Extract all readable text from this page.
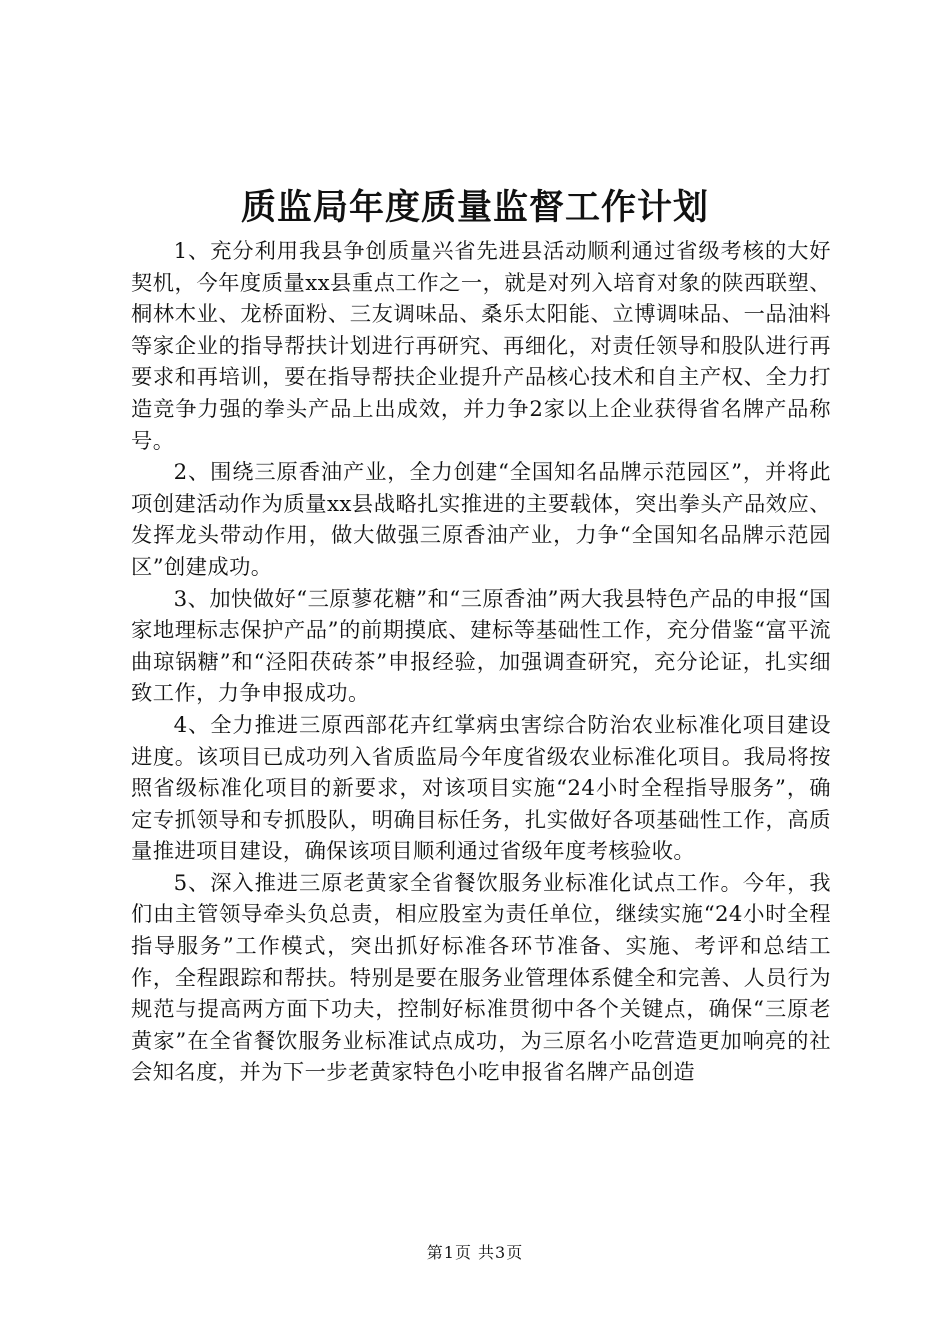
质监局年度质量监督工作计划

1、充分利用我县争创质量兴省先进县活动顺利通过省级考核的大好契机，今年度质量xx县重点工作之一，就是对列入培育对象的陕西联塑、桐林木业、龙桥面粉、三友调味品、桑乐太阳能、立博调味品、一品油料等家企业的指导帮扶计划进行再研究、再细化，对责任领导和股队进行再要求和再培训，要在指导帮扶企业提升产品核心技术和自主产权、全力打造竞争力强的拳头产品上出成效，并力争2家以上企业获得省名牌产品称号。

2、围绕三原香油产业，全力创建“全国知名品牌示范园区”，并将此项创建活动作为质量xx县战略扎实推进的主要载体，突出拳头产品效应、发挥龙头带动作用，做大做强三原香油产业，力争“全国知名品牌示范园区”创建成功。

3、加快做好“三原蓼花糖”和“三原香油”两大我县特色产品的申报“国家地理标志保护产品”的前期摸底、建标等基础性工作，充分借鉴“富平流曲琼锅糖”和“泾阳茯砖茶”申报经验，加强调查研究，充分论证，扎实细致工作，力争申报成功。

4、全力推进三原西部花卉红掌病虫害综合防治农业标准化项目建设进度。该项目已成功列入省质监局今年度省级农业标准化项目。我局将按照省级标准化项目的新要求，对该项目实施“24小时全程指导服务”，确定专抓领导和专抓股队，明确目标任务，扎实做好各项基础性工作，高质量推进项目建设，确保该项目顺利通过省级年度考核验收。

5、深入推进三原老黄家全省餐饮服务业标准化试点工作。今年，我们由主管领导牵头负总责，相应股室为责任单位，继续实施“24小时全程指导服务”工作模式，突出抓好标准各环节准备、实施、考评和总结工作，全程跟踪和帮扶。特别是要在服务业管理体系健全和完善、人员行为规范与提高两方面下功夫，控制好标准贯彻中各个关键点，确保“三原老黄家”在全省餐饮服务业标准试点成功，为三原名小吃营造更加响亮的社会知名度，并为下一步老黄家特色小吃申报省名牌产品创造

第1页 共3页
